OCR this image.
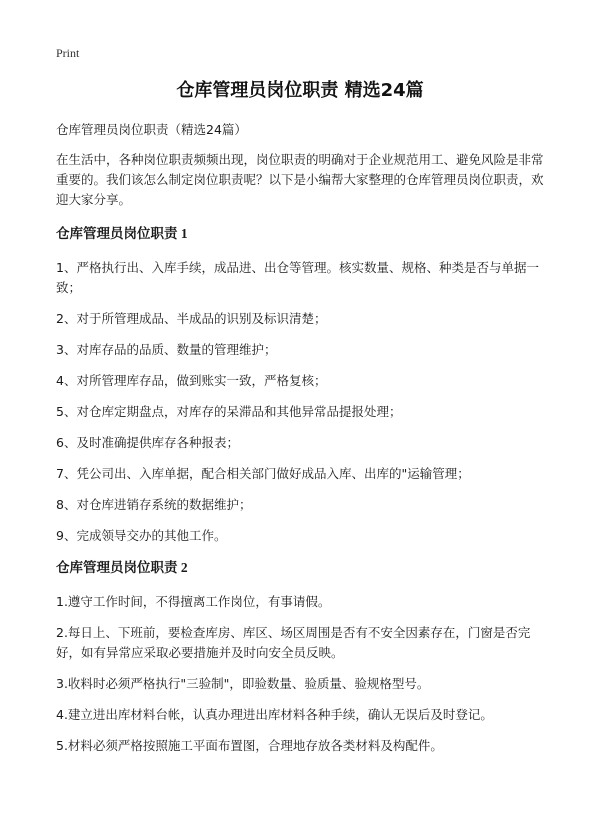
Print
仓库管理员岗位职责 精选24篇

仓库管理员岗位职责（精选24篇）

在生活中，各种岗位职责频频出现，岗位职责的明确对于企业规范用工、避免风险是非常重要的。我们该怎么制定岗位职责呢？以下是小编帮大家整理的仓库管理员岗位职责，欢迎大家分享。

仓库管理员岗位职责 1

1、严格执行出、入库手续，成品进、出仓等管理。核实数量、规格、种类是否与单据一致；

2、对于所管理成品、半成品的识别及标识清楚；

3、对库存品的品质、数量的管理维护；

4、对所管理库存品，做到账实一致，严格复核；

5、对仓库定期盘点，对库存的呆滞品和其他异常品提报处理；

6、及时准确提供库存各种报表；

7、凭公司出、入库单据，配合相关部门做好成品入库、出库的"运输管理；

8、对仓库进销存系统的数据维护；

9、完成领导交办的其他工作。

仓库管理员岗位职责 2

1.遵守工作时间，不得擅离工作岗位，有事请假。

2.每日上、下班前，要检查库房、库区、场区周围是否有不安全因素存在，门窗是否完好，如有异常应采取必要措施并及时向安全员反映。

3.收料时必须严格执行"三验制"，即验数量、验质量、验规格型号。

4.建立进出库材料台帐，认真办理进出库材料各种手续，确认无误后及时登记。

5.材料必须严格按照施工平面布置图，合理地存放各类材料及构配件。
